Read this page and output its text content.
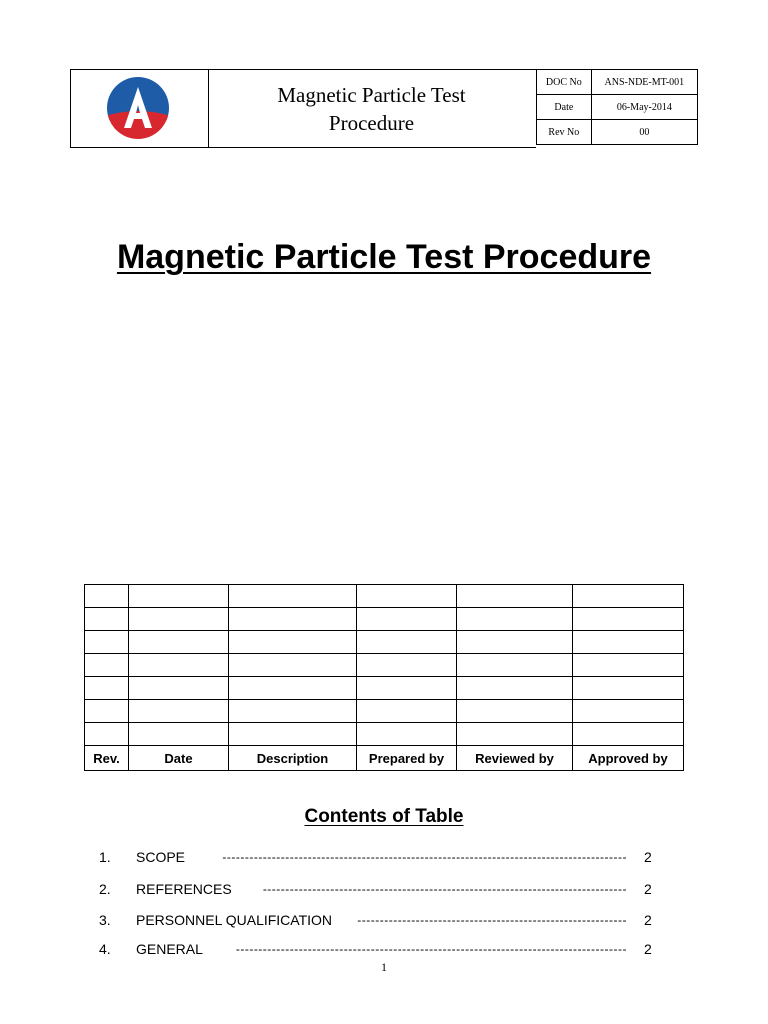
Magnetic Particle Test Procedure
DOC No	ANS-NDE-MT-001
Date	06-May-2014
Rev No	00
Magnetic Particle Test Procedure

Rev.	Date	Description	Prepared by	Reviewed by	Approved by
Contents of Table
1. SCOPE	------------------------------------------------------------------------------------------ 2
2. REFERENCES	--------------------------------------------------------------------------------- 2
3. PERSONNEL QUALIFICATION ------------------------------------------------------------ 2
4. GENERAL	--------------------------------------------------------------------------------------- 2
1
